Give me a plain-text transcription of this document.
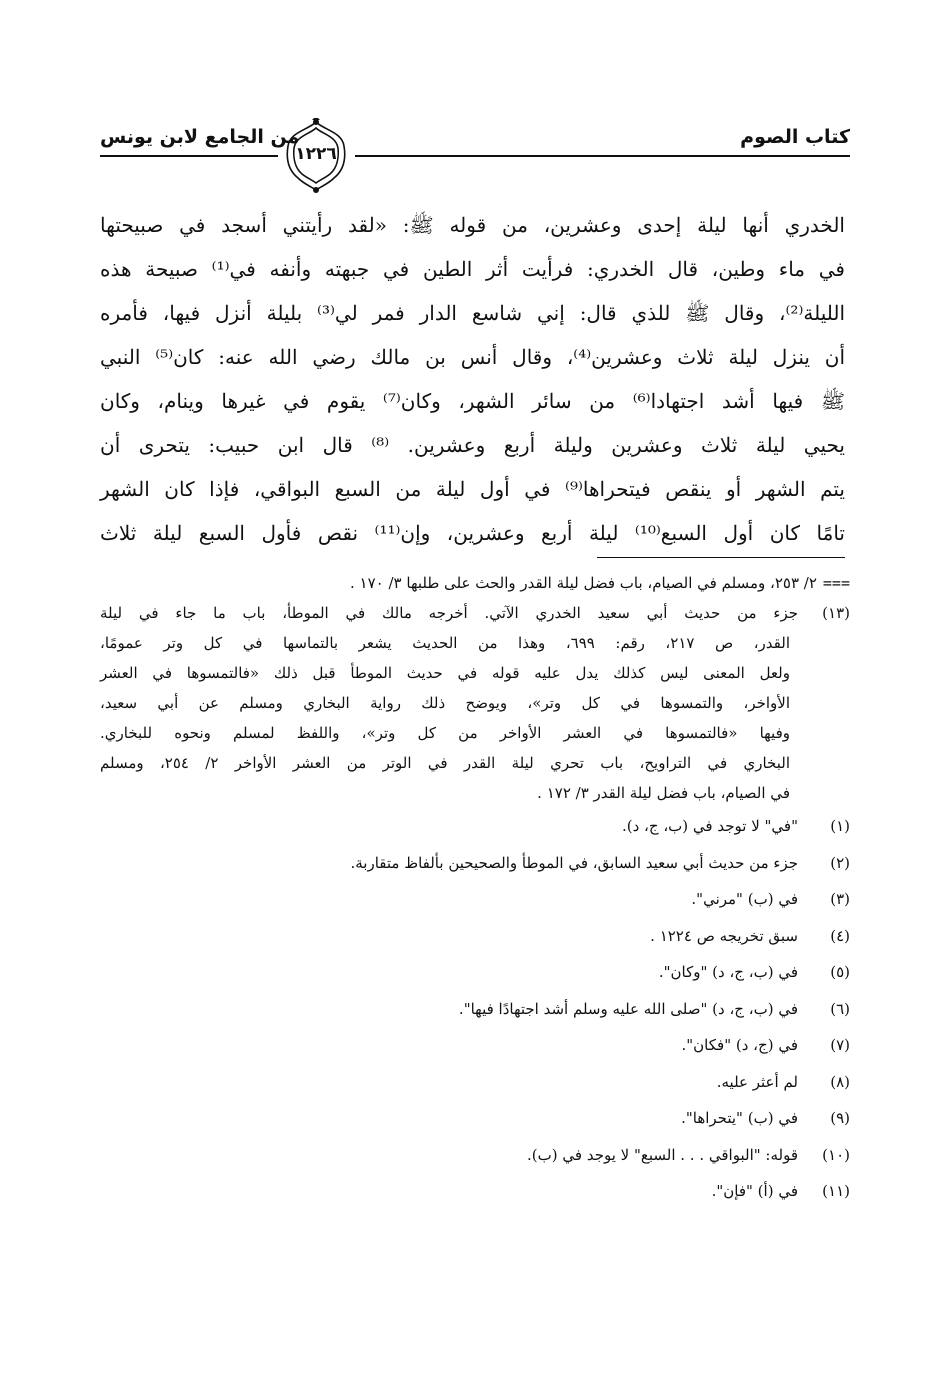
كتاب الصوم
من الجامع لابن يونس
١٢٢٦
الخدري أنها ليلة إحدى وعشرين، من قوله ﷺ: «لقد رأيتني أسجد في صبيحتها
في ماء وطين، قال الخدري: فرأيت أثر الطين في جبهته وأنفه في⁽¹⁾ صبيحة هذه
الليلة⁽²⁾، وقال ﷺ للذي قال: إني شاسع الدار فمر لي⁽³⁾ بليلة أنزل فيها، فأمره
أن ينزل ليلة ثلاث وعشرين⁽⁴⁾، وقال أنس بن مالك رضي الله عنه: كان⁽⁵⁾ النبي
ﷺ فيها أشد اجتهادا⁽⁶⁾ من سائر الشهر، وكان⁽⁷⁾ يقوم في غيرها وينام، وكان
يحيي ليلة ثلاث وعشرين وليلة أربع وعشرين. ⁽⁸⁾ قال ابن حبيب: يتحرى أن
يتم الشهر أو ينقص فيتحراها⁽⁹⁾ في أول ليلة من السبع البواقي، فإذا كان الشهر
تامًا كان أول السبع⁽¹⁰⁾ ليلة أربع وعشرين، وإن⁽¹¹⁾ نقص فأول السبع ليلة ثلاث
===٢/ ٢٥٣، ومسلم في الصيام، باب فضل ليلة القدر والحث على طلبها ٣/ ١٧٠ .
(١٣)جزء من حديث أبي سعيد الخدري الآتي. أخرجه مالك في الموطأ، باب ما جاء في ليلة
القدر، ص ٢١٧، رقم: ٦٩٩، وهذا من الحديث يشعر بالتماسها في كل وتر عمومًا،
ولعل المعنى ليس كذلك يدل عليه قوله في حديث الموطأ قبل ذلك «فالتمسوها في العشر
الأواخر، والتمسوها في كل وتر»، ويوضح ذلك رواية البخاري ومسلم عن أبي سعيد،
وفيها «فالتمسوها في العشر الأواخر من كل وتر»، واللفظ لمسلم ونحوه للبخاري.
البخاري في التراويح، باب تحري ليلة القدر في الوتر من العشر الأواخر ٢/ ٢٥٤، ومسلم
في الصيام، باب فضل ليلة القدر ٣/ ١٧٢ .
(١)"في" لا توجد في (ب، ج، د).
(٢)جزء من حديث أبي سعيد السابق، في الموطأ والصحيحين بألفاظ متقاربة.
(٣)في (ب) "مرني".
(٤)سبق تخريجه ص ١٢٢٤ .
(٥)في (ب، ج، د) "وكان".
(٦)في (ب، ج، د) "صلى الله عليه وسلم أشد اجتهادًا فيها".
(٧)في (ج، د) "فكان".
(٨)لم أعثر عليه.
(٩)في (ب) "يتحراها".
(١٠)قوله: "البواقي . . . السبع" لا يوجد في (ب).
(١١)في (أ) "فإن".
